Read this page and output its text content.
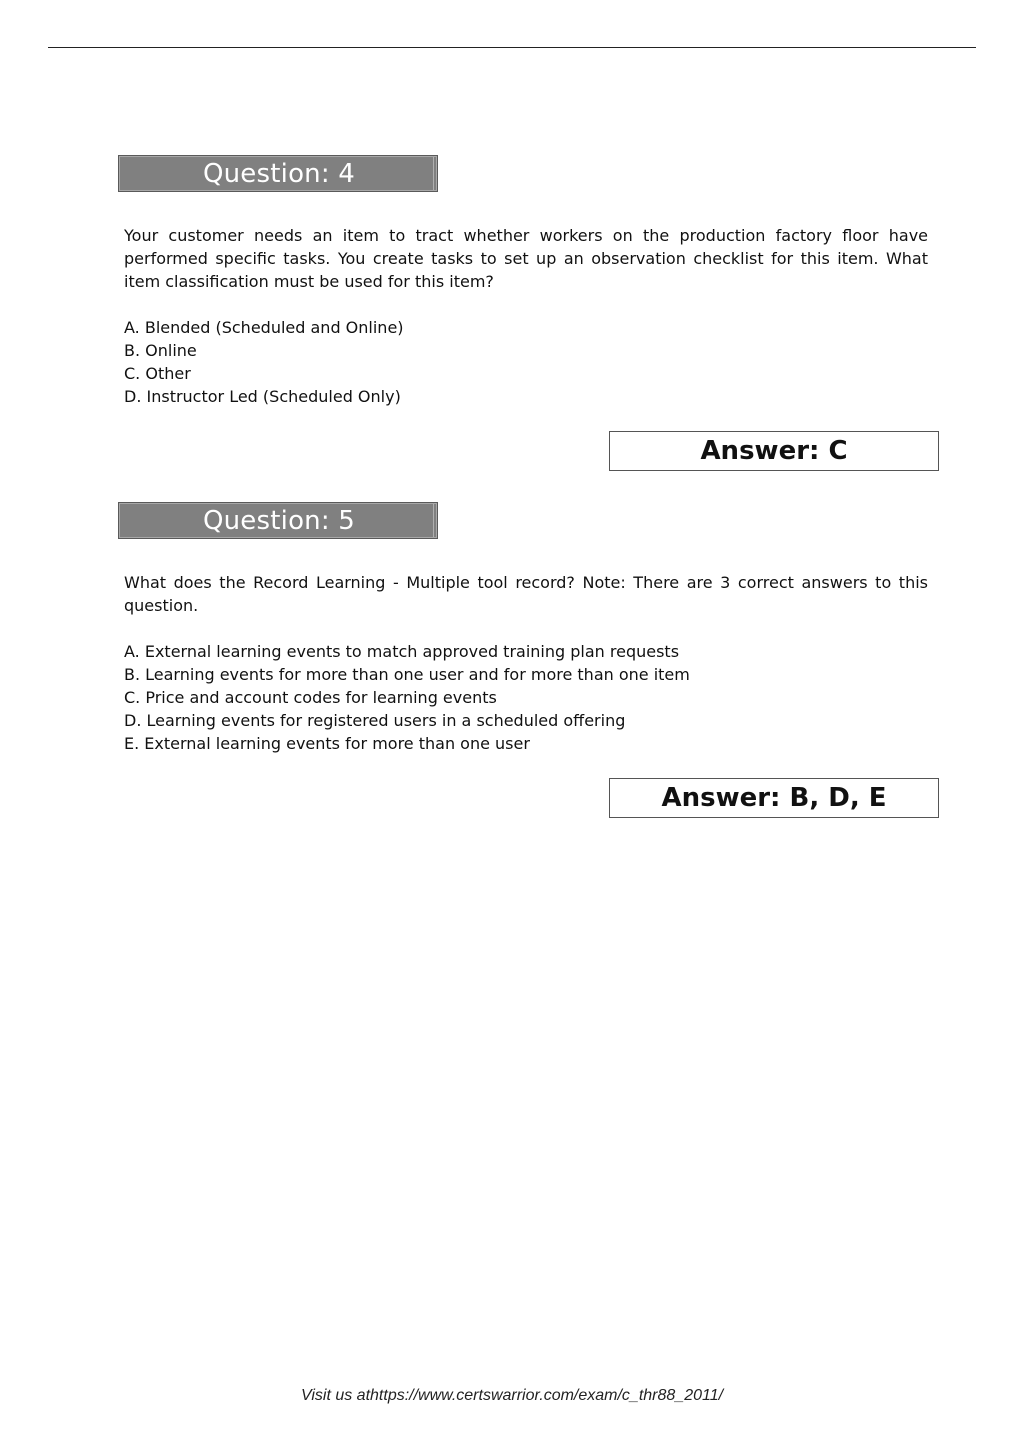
Question: 4

Your customer needs an item to tract whether workers on the production factory floor have performed specific tasks. You create tasks to set up an observation checklist for this item. What item classification must be used for this item?

A. Blended (Scheduled and Online)
B. Online
C. Other
D. Instructor Led (Scheduled Only)
Answer: C
Question: 5

What does the Record Learning - Multiple tool record? Note: There are 3 correct answers to this question.

A. External learning events to match approved training plan requests
B. Learning events for more than one user and for more than one item
C. Price and account codes for learning events
D. Learning events for registered users in a scheduled offering
E. External learning events for more than one user
Answer: B, D, E
Visit us athttps://www.certswarrior.com/exam/c_thr88_2011/
